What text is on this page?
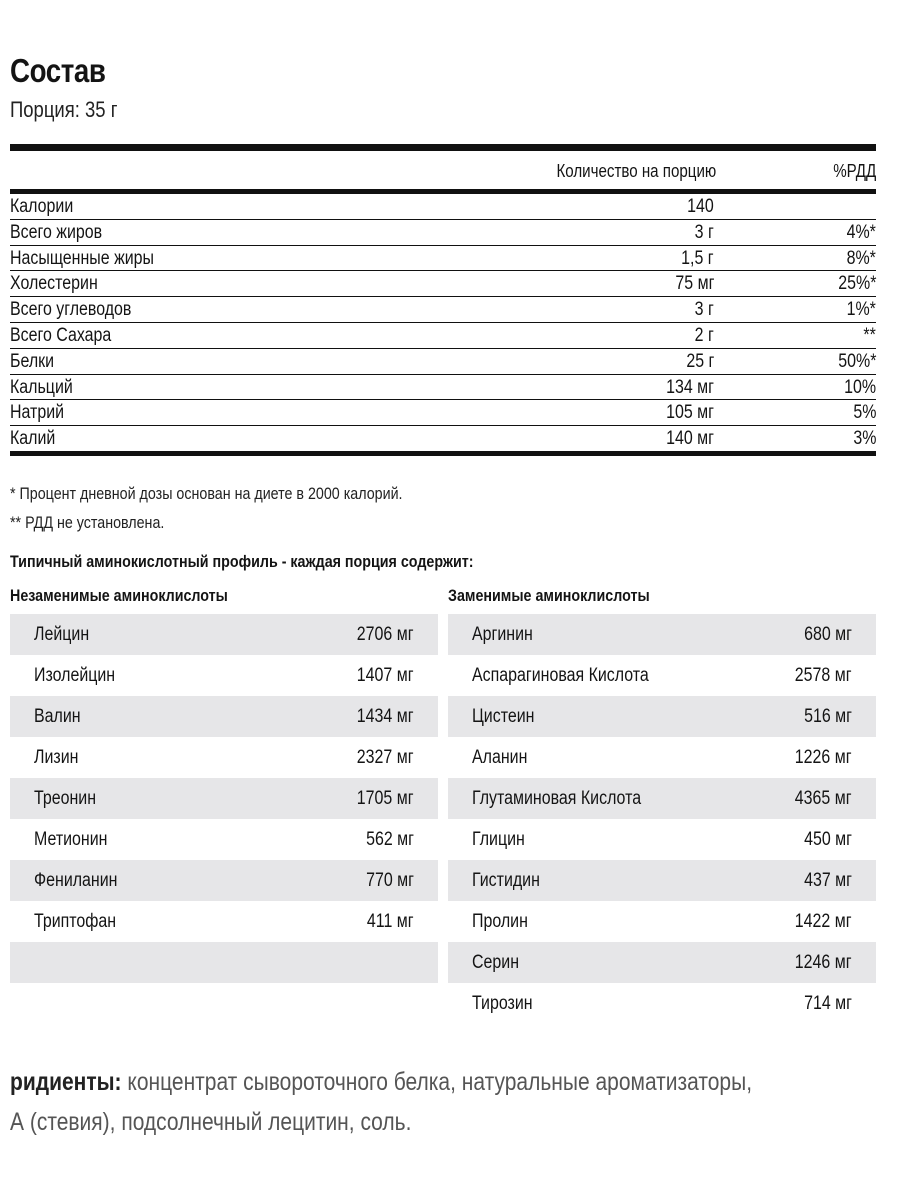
Состав
Порция: 35 г
Количество на порцию	%РДД
Калории	140
Всего жиров	3 г	4%*
Насыщенные жиры	1,5 г	8%*
Холестерин	75 мг	25%*
Всего углеводов	3 г	1%*
Всего Сахара	2 г	**
Белки	25 г	50%*
Кальций	134 мг	10%
Натрий	105 мг	5%
Калий	140 мг	3%
* Процент дневной дозы основан на диете в 2000 калорий.
** РДД не установлена.
Типичный аминокислотный профиль - каждая порция содержит:
Незаменимые аминоклислоты	Заменимые аминоклислоты
Лейцин	2706 мг
Изолейцин	1407 мг
Валин	1434 мг
Лизин	2327 мг
Треонин	1705 мг
Метионин	562 мг
Фениланин	770 мг
Триптофан	411 мг
Аргинин	680 мг
Аспарагиновая Кислота	2578 мг
Цистеин	516 мг
Аланин	1226 мг
Глутаминовая Кислота	4365 мг
Глицин	450 мг
Гистидин	437 мг
Пролин	1422 мг
Серин	1246 мг
Тирозин	714 мг
ридиенты: концентрат сывороточного белка, натуральные ароматизаторы,
А (стевия), подсолнечный лецитин, соль.
